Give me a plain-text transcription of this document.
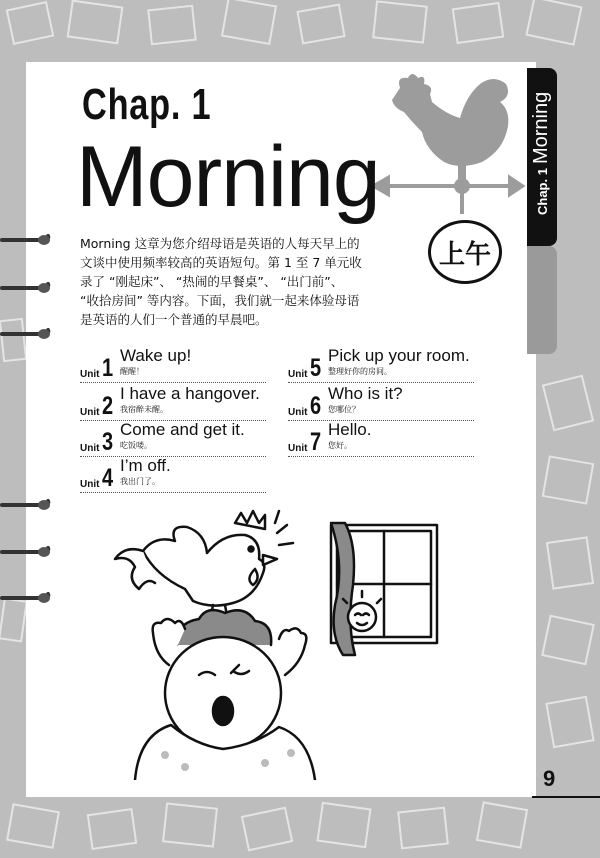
Chap. 1Morning
Chap. 1
Morning
上午
Morning 这章为您介绍母语是英语的人每天早上的
文谈中使用频率较高的英语短句。第 1 至 7 单元收
录了 “刚起床”、 “热闹的早餐桌”、 “出门前”、
“收拾房间” 等内容。下面，我们就一起来体验母语
是英语的人们一个普通的早晨吧。
Unit 1 Wake up!
醒醒！
Unit 2 I have a hangover.
我宿醉未醒。
Unit 3 Come and get it.
吃饭喽。
Unit 4 I’m off.
我出门了。
Unit 5 Pick up your room.
整理好你的房间。
Unit 6 Who is it?
您哪位？
Unit 7 Hello.
您好。
9
